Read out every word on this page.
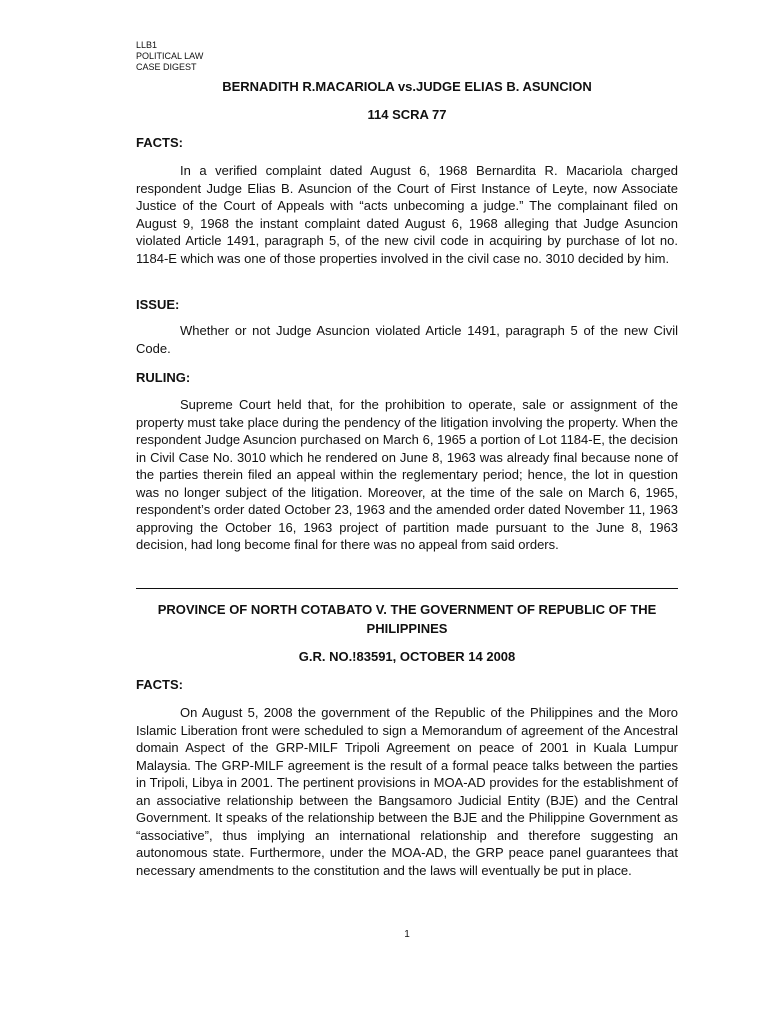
LLB1
POLITICAL LAW
CASE DIGEST
BERNADITH R.MACARIOLA vs.JUDGE ELIAS B. ASUNCION
114 SCRA 77
FACTS:
In a verified complaint dated August 6, 1968 Bernardita R. Macariola charged respondent Judge Elias B. Asuncion of the Court of First Instance of Leyte, now Associate Justice of the Court of Appeals with “acts unbecoming a judge.” The complainant filed on August 9, 1968 the instant complaint dated August 6, 1968 alleging that Judge Asuncion violated Article 1491, paragraph 5, of the new civil code in acquiring by purchase of lot no. 1184-E which was one of those properties involved in the civil case no. 3010 decided by him.
ISSUE:
Whether or not Judge Asuncion violated Article 1491, paragraph 5 of the new Civil Code.
RULING:
Supreme Court held that, for the prohibition to operate, sale or assignment of the property must take place during the pendency of the litigation involving the property. When the respondent Judge Asuncion purchased on March 6, 1965 a portion of Lot 1184-E, the decision in Civil Case No. 3010 which he rendered on June 8, 1963 was already final because none of the parties therein filed an appeal within the reglementary period; hence, the lot in question was no longer subject of the litigation. Moreover, at the time of the sale on March 6, 1965, respondent’s order dated October 23, 1963 and the amended order dated November 11, 1963 approving the October 16, 1963 project of partition made pursuant to the June 8, 1963 decision, had long become final for there was no appeal from said orders.
PROVINCE OF NORTH COTABATO V. THE GOVERNMENT OF REPUBLIC OF THE PHILIPPINES
G.R. NO.!83591, OCTOBER 14 2008
FACTS:
On August 5, 2008 the government of the Republic of the Philippines and the Moro Islamic Liberation front were scheduled to sign a Memorandum of agreement of the Ancestral domain Aspect of the GRP-MILF Tripoli Agreement on peace of 2001 in Kuala Lumpur Malaysia. The GRP-MILF agreement is the result of a formal peace talks between the parties in Tripoli, Libya in 2001. The pertinent provisions in MOA-AD provides for the establishment of an associative relationship between the Bangsamoro Judicial Entity (BJE) and the Central Government. It speaks of the relationship between the BJE and the Philippine Government as “associative”, thus implying an international relationship and therefore suggesting an autonomous state. Furthermore, under the MOA-AD, the GRP peace panel guarantees that necessary amendments to the constitution and the laws will eventually be put in place.
1
